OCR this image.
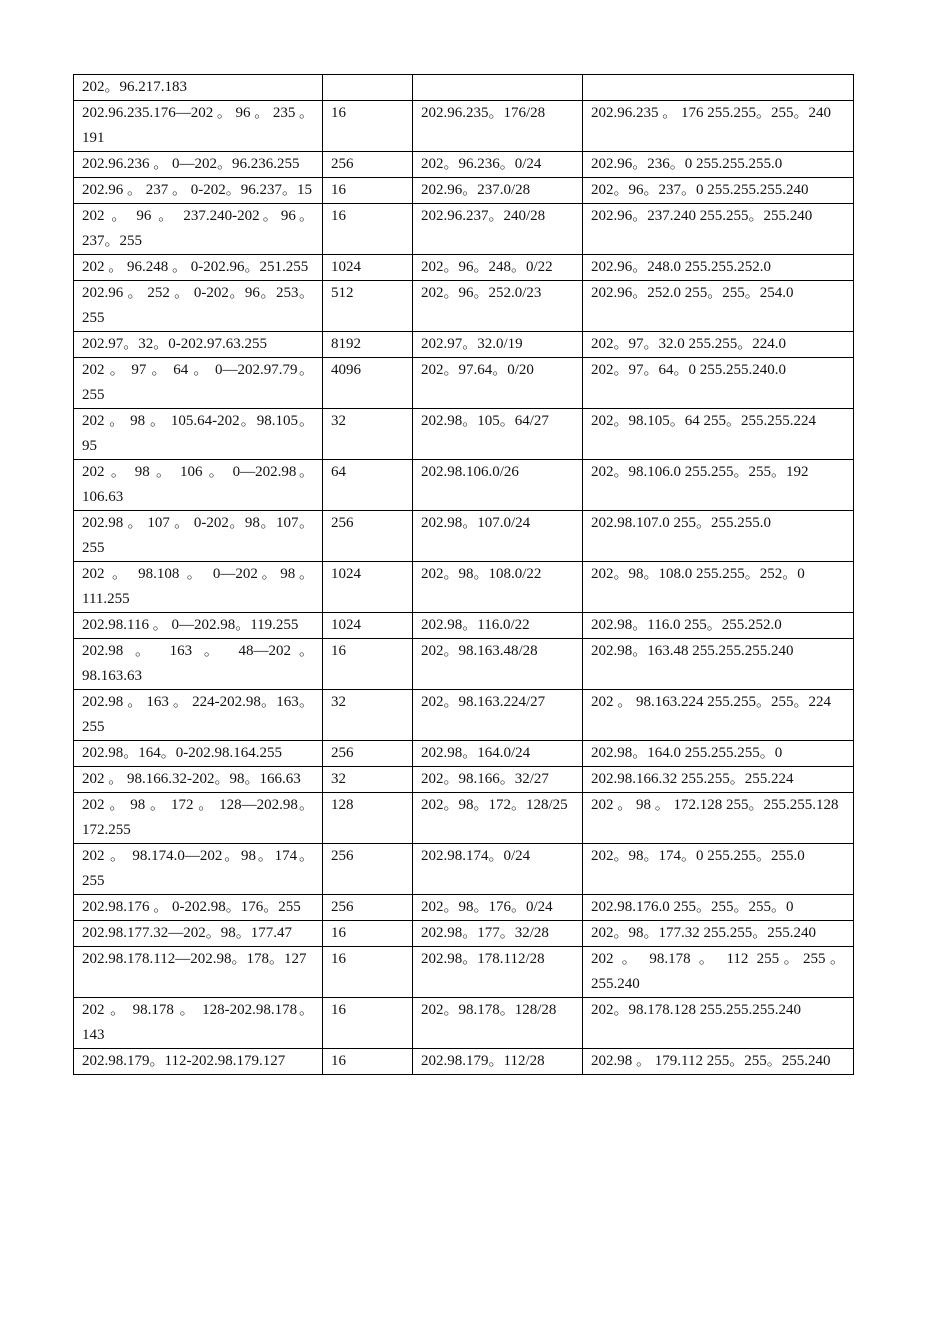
202。96.217.183			
202.96.235.176—202。96。235。191	16	202.96.235。176/28	202.96.235 。 176 255.255。255。240
202.96.236 。 0—202。96.236.255	256	202。96.236。0/24	202.96。236。0 255.255.255.0
202.96 。 237 。 0-202。96.237。15	16	202.96。237.0/28	202。96。237。0 255.255.255.240
202 。 96 。 237.240-202。96。237。255	16	202.96.237。240/28	202.96。237.240 255.255。255.240
202 。 96.248 。 0-202.96。251.255	1024	202。96。248。0/22	202.96。248.0 255.255.252.0
202.96 。 252 。 0-202。96。253。255	512	202。96。252.0/23	202.96。252.0 255。255。254.0
202.97。32。0-202.97.63.255	8192	202.97。32.0/19	202。97。32.0 255.255。224.0
202 。 97 。 64 。 0—202.97.79。255	4096	202。97.64。0/20	202。97。64。0 255.255.240.0
202 。 98 。 105.64-202。98.105。95	32	202.98。105。64/27	202。98.105。64 255。255.255.224
202 。 98 。 106 。 0—202.98。106.63	64	202.98.106.0/26	202。98.106.0 255.255。255。192
202.98 。 107 。 0-202。98。107。255	256	202.98。107.0/24	202.98.107.0 255。255.255.0
202 。 98.108 。 0—202。98。111.255	1024	202。98。108.0/22	202。98。108.0 255.255。252。0
202.98.116 。 0—202.98。119.255	1024	202.98。116.0/22	202.98。116.0 255。255.252.0
202.98 。 163 。 48—202。98.163.63	16	202。98.163.48/28	202.98。163.48 255.255.255.240
202.98 。 163 。 224-202.98。163。255	32	202。98.163.224/27	202 。 98.163.224 255.255。255。224
202.98。164。0-202.98.164.255	256	202.98。164.0/24	202.98。164.0 255.255.255。0
202 。 98.166.32-202。98。166.63	32	202。98.166。32/27	202.98.166.32 255.255。255.224
202 。 98 。 172 。 128—202.98。172.255	128	202。98。172。128/25	202 。 98 。 172.128 255。255.255.128
202 。 98.174.0—202。98。174。255	256	202.98.174。0/24	202。98。174。0 255.255。255.0
202.98.176 。 0-202.98。176。255	256	202。98。176。0/24	202.98.176.0 255。255。255。0
202.98.177.32—202。98。177.47	16	202.98。177。32/28	202。98。177.32 255.255。255.240
202.98.178.112—202.98。178。127	16	202.98。178.112/28	202 。 98.178 。 112 255。255。255.240
202 。 98.178 。 128-202.98.178。143	16	202。98.178。128/28	202。98.178.128 255.255.255.240
202.98.179。112-202.98.179.127	16	202.98.179。112/28	202.98 。 179.112 255。255。255.240
